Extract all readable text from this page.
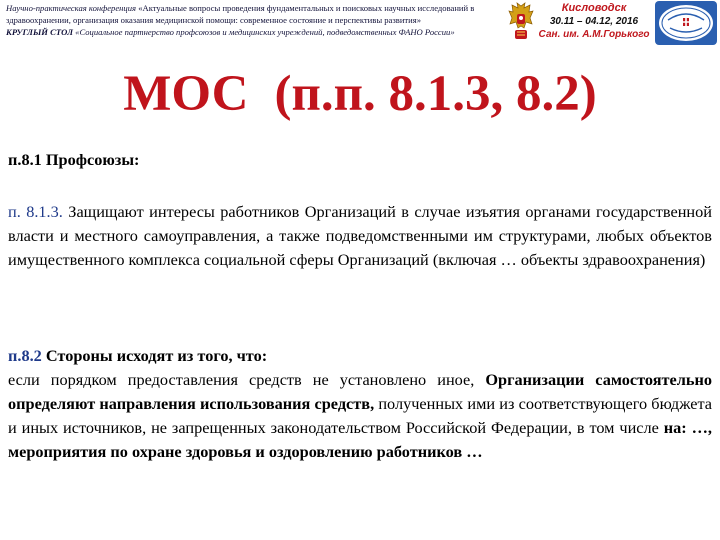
Научно-практическая конференция «Актуальные вопросы проведения фундаментальных и поисковых научных исследований в здравоохранении, организация оказания медицинской помощи: современное состояние и перспективы развития»
КРУГЛЫЙ СТОЛ «Социальное партнерство профсоюзов и медицинских учреждений, подведомственных ФАНО России»
Кисловодск
30.11 – 04.12, 2016
Сан. им. А.М.Горького
МОС (п.п. 8.1.3, 8.2)

п.8.1 Профсоюзы:

п. 8.1.3. Защищают интересы работников Организаций в случае изъятия органами государственной власти и местного самоуправления, а также подведомственными им структурами, любых объектов имущественного комплекса социальной сферы Организаций (включая … объекты здравоохранения)

п.8.2 Стороны исходят из того, что:

если порядком предоставления средств не установлено иное, Организации самостоятельно определяют направления использования средств, полученных ими из соответствующего бюджета и иных источников, не запрещенных законодательством Российской Федерации, в том числе на: …, мероприятия по охране здоровья и оздоровлению работников …
